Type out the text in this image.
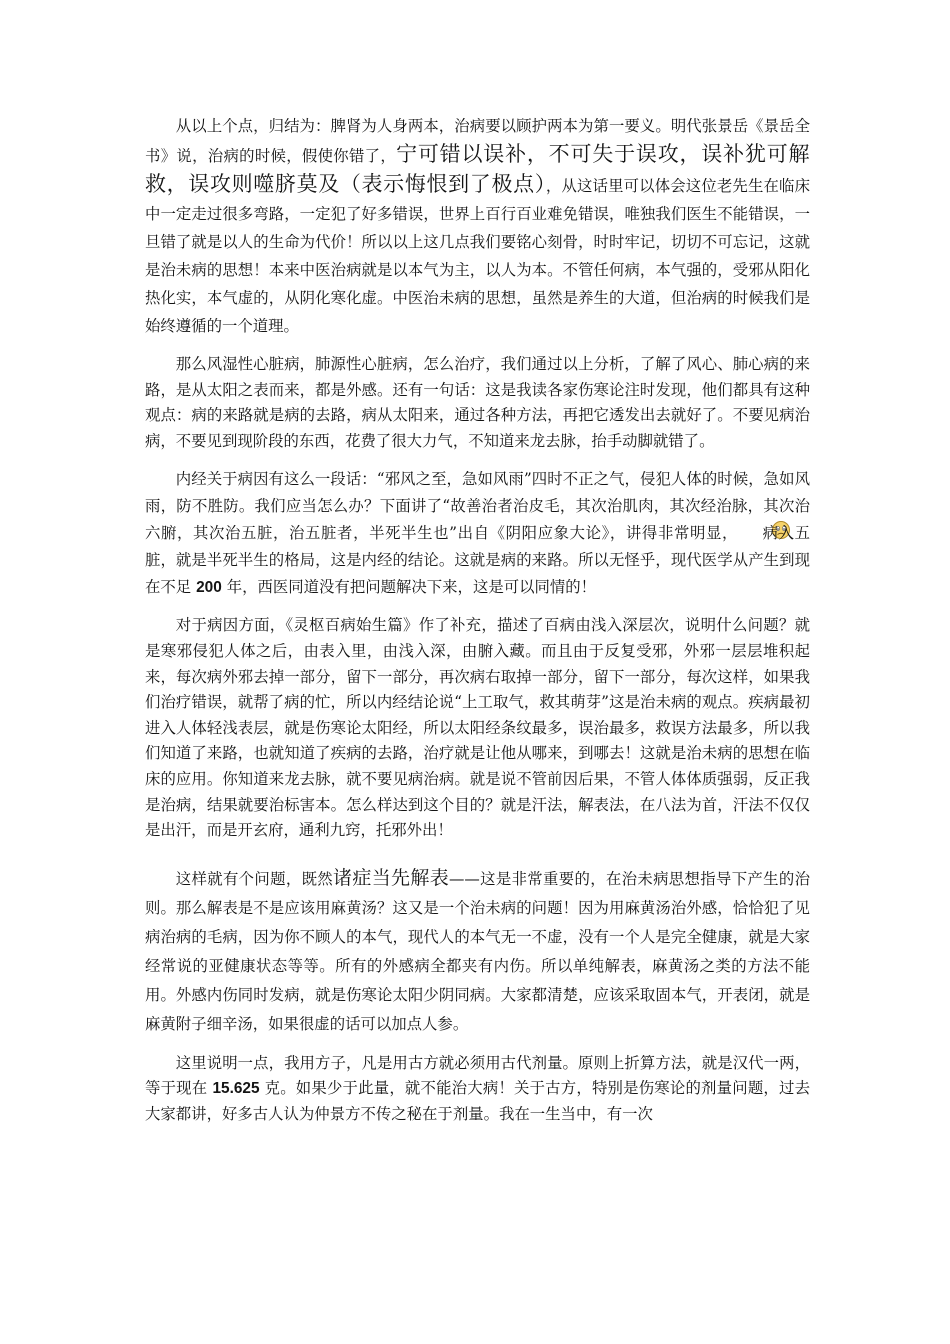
从以上个点，归结为：脾肾为人身两本，治病要以顾护两本为第一要义。明代张景岳《景岳全书》说，治病的时候，假使你错了，宁可错以误补，不可失于误攻，误补犹可解救，误攻则噬脐莫及（表示悔恨到了极点），从这话里可以体会这位老先生在临床中一定走过很多弯路，一定犯了好多错误，世界上百行百业难免错误，唯独我们医生不能错误，一旦错了就是以人的生命为代价！所以以上这几点我们要铭心刻骨，时时牢记，切切不可忘记，这就是治未病的思想！本来中医治病就是以本气为主，以人为本。不管任何病，本气强的，受邪从阳化热化实，本气虚的，从阴化寒化虚。中医治未病的思想，虽然是养生的大道，但治病的时候我们是始终遵循的一个道理。

那么风湿性心脏病，肺源性心脏病，怎么治疗，我们通过以上分析，了解了风心、肺心病的来路，是从太阳之表而来，都是外感。还有一句话：这是我读各家伤寒论注时发现，他们都具有这种观点：病的来路就是病的去路，病从太阳来，通过各种方法，再把它透发出去就好了。不要见病治病，不要见到现阶段的东西，花费了很大力气，不知道来龙去脉，抬手动脚就错了。

内经关于病因有这么一段话：“邪风之至，急如风雨”四时不正之气，侵犯人体的时候，急如风雨，防不胜防。我们应当怎么办？下面讲了“故善治者治皮毛，其次治肌肉，其次经治脉，其次治六腑，其次治五脏，治五脏者，半死半生也”出自《阴阳应象大论》，讲得非常明显， 病入五脏，就是半死半生的格局，这是内经的结论。这就是病的来路。所以无怪乎，现代医学从产生到现在不足 200 年，西医同道没有把问题解决下来，这是可以同情的！

对于病因方面，《灵枢百病始生篇》作了补充，描述了百病由浅入深层次，说明什么问题？就是寒邪侵犯人体之后，由表入里，由浅入深，由腑入藏。而且由于反复受邪，外邪一层层堆积起来，每次病外邪去掉一部分，留下一部分，再次病右取掉一部分，留下一部分，每次这样，如果我们治疗错误，就帮了病的忙，所以内经结论说“上工取气，救其萌芽”这是治未病的观点。疾病最初进入人体轻浅表层，就是伤寒论太阳经，所以太阳经条纹最多，误治最多，救误方法最多，所以我们知道了来路，也就知道了疾病的去路，治疗就是让他从哪来，到哪去！这就是治未病的思想在临床的应用。你知道来龙去脉，就不要见病治病。就是说不管前因后果，不管人体体质强弱，反正我是治病，结果就要治标害本。怎么样达到这个目的？就是汗法，解表法，在八法为首，汗法不仅仅是出汗，而是开玄府，通利九窍，托邪外出！

这样就有个问题，既然诸症当先解表——这是非常重要的，在治未病思想指导下产生的治则。那么解表是不是应该用麻黄汤？这又是一个治未病的问题！因为用麻黄汤治外感，恰恰犯了见病治病的毛病，因为你不顾人的本气，现代人的本气无一不虚，没有一个人是完全健康，就是大家经常说的亚健康状态等等。所有的外感病全都夹有内伤。所以单纯解表，麻黄汤之类的方法不能用。外感内伤同时发病，就是伤寒论太阳少阴同病。大家都清楚，应该采取固本气，开表闭，就是麻黄附子细辛汤，如果很虚的话可以加点人参。

这里说明一点，我用方子，凡是用古方就必须用古代剂量。原则上折算方法，就是汉代一两，等于现在 15.625 克。如果少于此量，就不能治大病！关于古方，特别是伤寒论的剂量问题，过去大家都讲，好多古人认为仲景方不传之秘在于剂量。我在一生当中，有一次
